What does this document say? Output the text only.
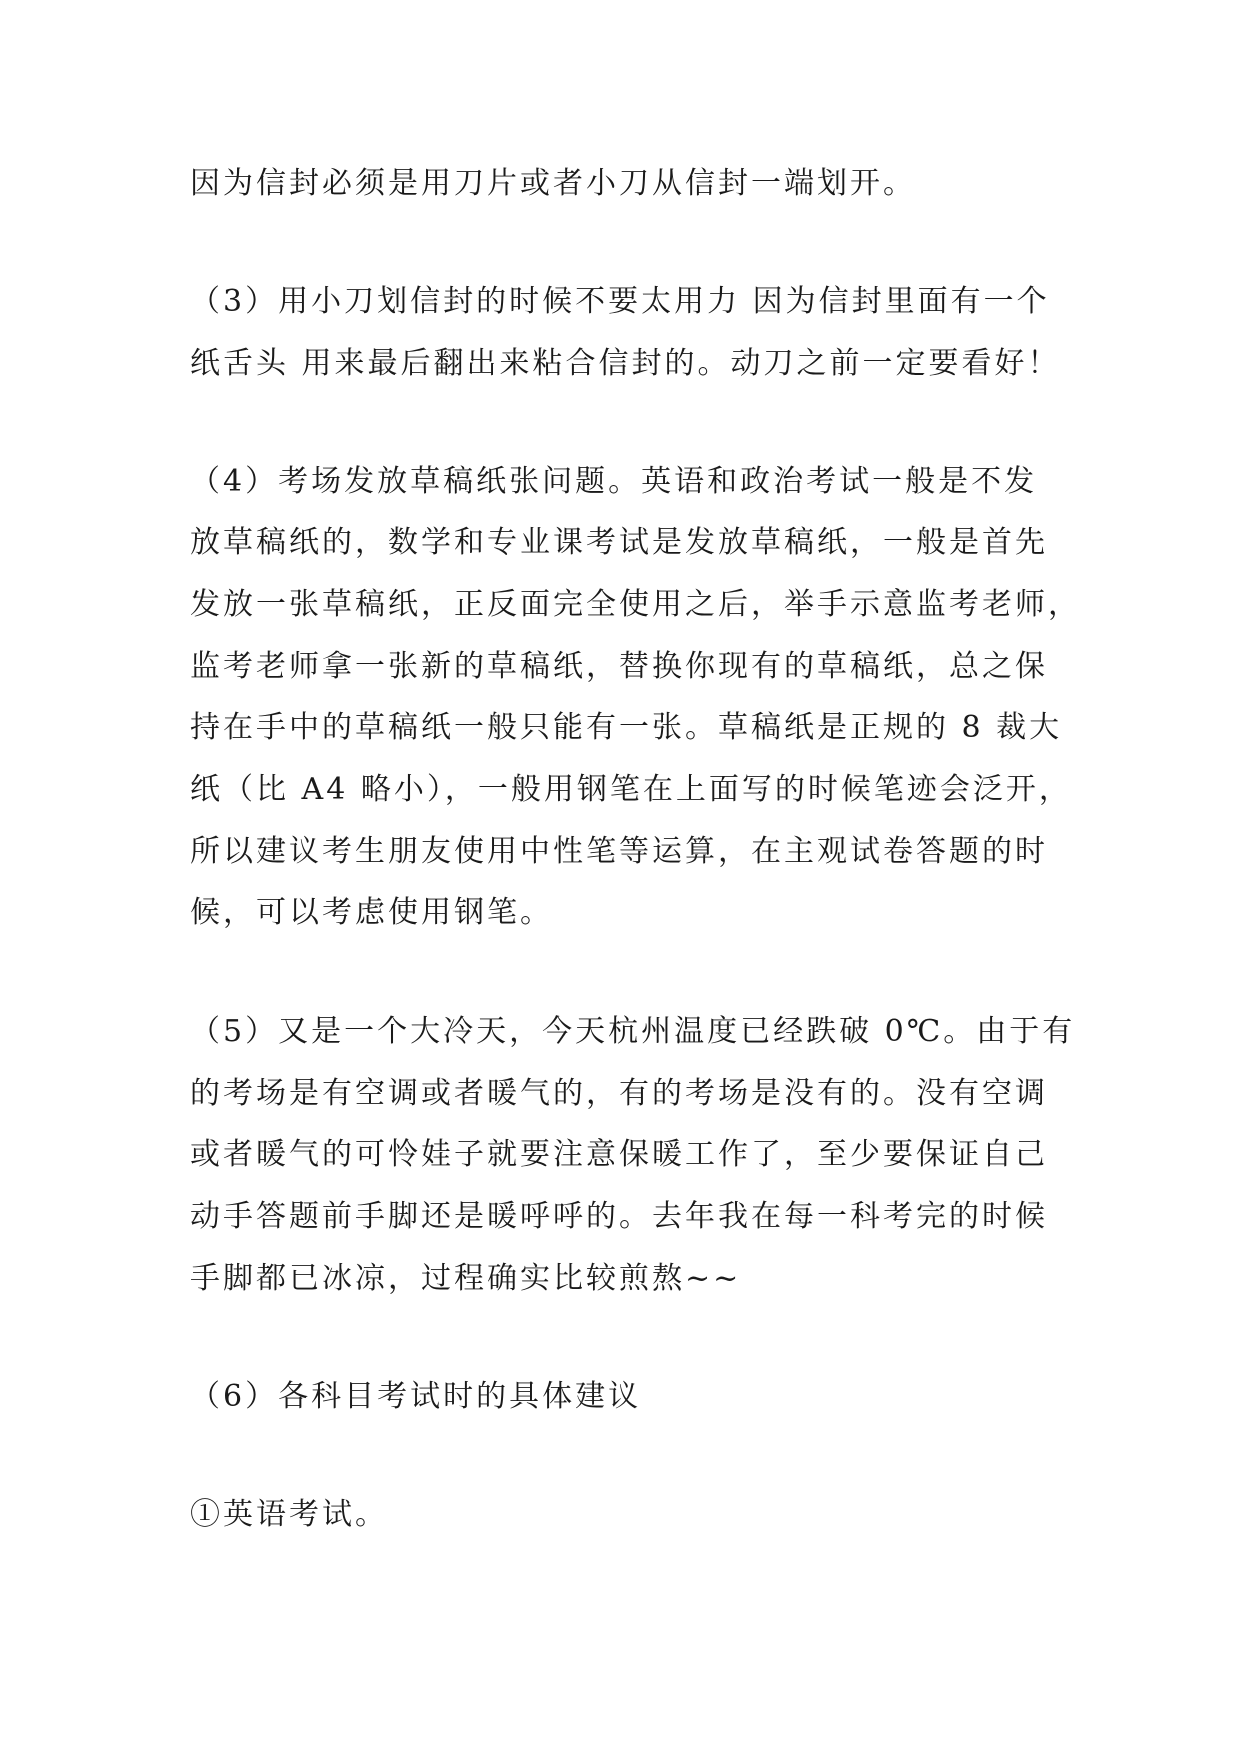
因为信封必须是用刀片或者小刀从信封一端划开。
（3）用小刀划信封的时候不要太用力 因为信封里面有一个
纸舌头 用来最后翻出来粘合信封的。动刀之前一定要看好！
（4）考场发放草稿纸张问题。英语和政治考试一般是不发
放草稿纸的，数学和专业课考试是发放草稿纸，一般是首先
发放一张草稿纸，正反面完全使用之后，举手示意监考老师，
监考老师拿一张新的草稿纸，替换你现有的草稿纸，总之保
持在手中的草稿纸一般只能有一张。草稿纸是正规的 8 裁大
纸（比 A4 略小），一般用钢笔在上面写的时候笔迹会泛开，
所以建议考生朋友使用中性笔等运算，在主观试卷答题的时
候，可以考虑使用钢笔。
（5）又是一个大冷天，今天杭州温度已经跌破 0℃。由于有
的考场是有空调或者暖气的，有的考场是没有的。没有空调
或者暖气的可怜娃子就要注意保暖工作了，至少要保证自己
动手答题前手脚还是暖呼呼的。去年我在每一科考完的时候
手脚都已冰凉，过程确实比较煎熬~~
（6）各科目考试时的具体建议
①英语考试。
